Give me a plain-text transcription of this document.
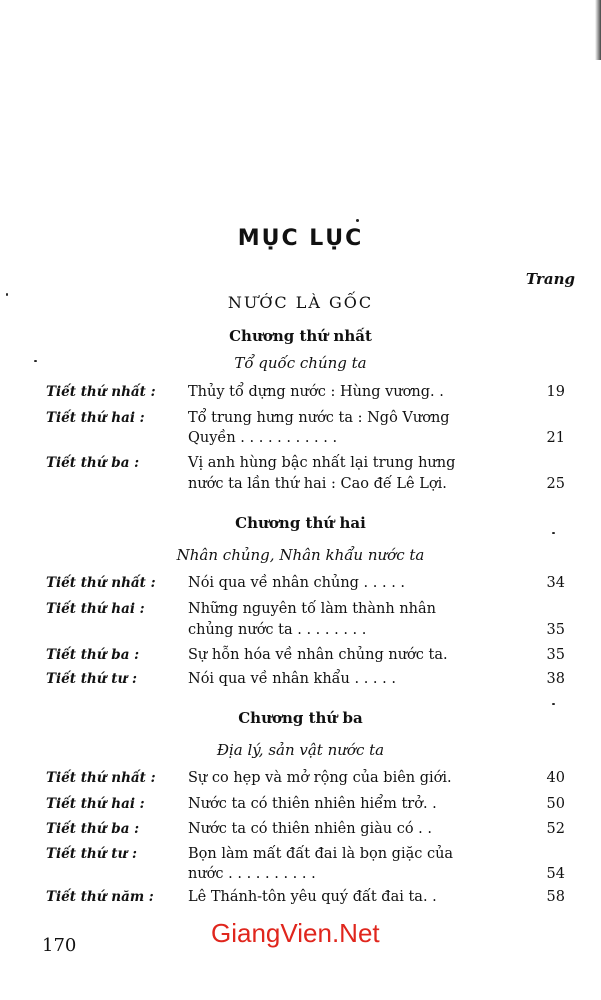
MỤC LỤC
Trang
NƯỚC LÀ GỐC
Chương thứ nhất
Tổ quốc chúng ta
Tiết thứ nhất :	Thủy tổ dựng nước : Hùng vương. .	19
Tiết thứ hai :	Tổ trung hưng nước ta : Ngô Vương
Quyền . . . . . . . . . . .	21
Tiết thứ ba :	Vị anh hùng bậc nhất lại trung hưng
nước ta lần thứ hai : Cao đế Lê Lợi.	25
Chương thứ hai
Nhân chủng, Nhân khẩu nước ta
Tiết thứ nhất :	Nói qua về nhân chủng . . . . .	34
Tiết thứ hai :	Những nguyên tố làm thành nhân
chủng nước ta . . . . . . . .	35
Tiết thứ ba :	Sự hỗn hóa về nhân chủng nước ta.	35
Tiết thứ tư :	Nói qua về nhân khẩu . . . . .	38
Chương thứ ba
Địa lý, sản vật nước ta
Tiết thứ nhất :	Sự co hẹp và mở rộng của biên giới.	40
Tiết thứ hai :	Nước ta có thiên nhiên hiểm trở. .	50
Tiết thứ ba :	Nước ta có thiên nhiên giàu có . .	52
Tiết thứ tư :	Bọn làm mất đất đai là bọn giặc của
nước . . . . . . . . . .	54
Tiết thứ năm :	Lê Thánh-tôn yêu quý đất đai ta. .	58
170	GiangVien.Net
